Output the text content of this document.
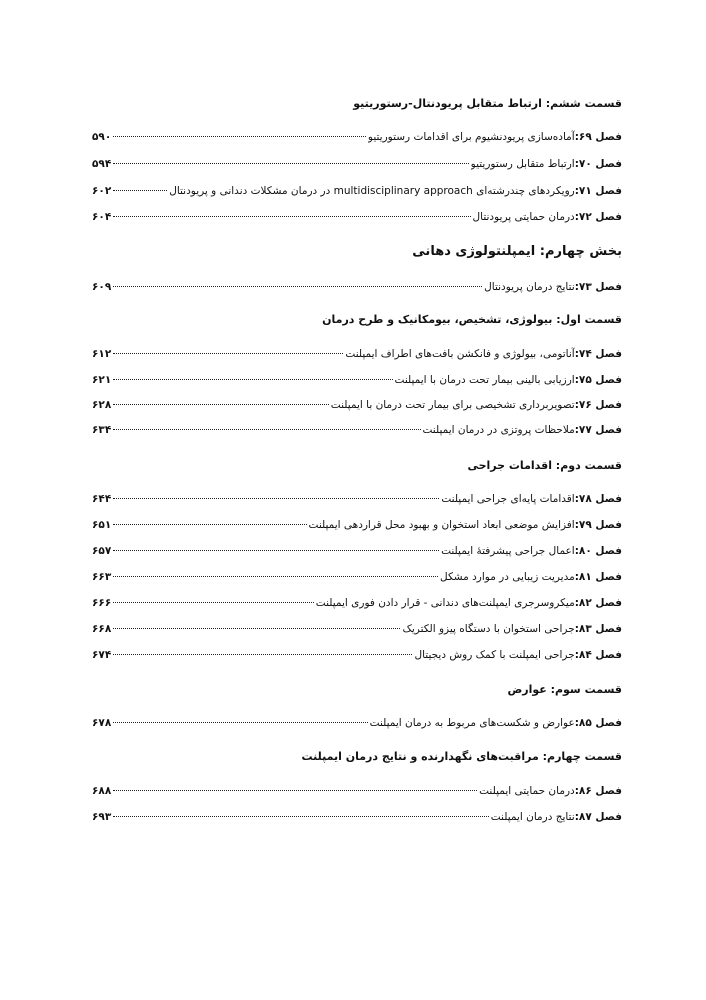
قسمت ششم: ارتباط متقابل پریودنتال-رستوریتیو
فصل ۶۹:
آماده‌سازی پریودنشیوم برای اقدامات رستوریتیو
۵۹۰
فصل ۷۰:
ارتباط متقابل رستوریتیو
۵۹۴
فصل ۷۱:
رویکردهای چندرشته‌ای multidisciplinary approach در درمان مشکلات دندانی و پریودنتال
۶۰۲
فصل ۷۲:
درمان حمایتی پریودنتال
۶۰۴
بخش چهارم: ایمپلنتولوژی دهانی
فصل ۷۳:
نتایج درمان پریودنتال
۶۰۹
قسمت اول: بیولوژی، تشخیص، بیومکانیک و طرح درمان
فصل ۷۴:
آناتومی، بیولوژی و فانکشن بافت‌های اطراف ایمپلنت
۶۱۲
فصل ۷۵:
ارزیابی بالینی بیمار تحت درمان با ایمپلنت
۶۲۱
فصل ۷۶:
تصویربرداری تشخیصی برای بیمار تحت درمان با ایمپلنت
۶۲۸
فصل ۷۷:
ملاحظات پروتزی در درمان ایمپلنت
۶۳۴
قسمت دوم: اقدامات جراحی
فصل ۷۸:
اقدامات پایه‌ای جراحی ایمپلنت
۶۴۴
فصل ۷۹:
افزایش موضعی ابعاد استخوان و بهبود محل قراردهی ایمپلنت
۶۵۱
فصل ۸۰:
اعمال جراحی پیشرفتهٔ ایمپلنت
۶۵۷
فصل ۸۱:
مدیریت زیبایی در موارد مشکل
۶۶۳
فصل ۸۲:
میکروسرجری ایمپلنت‌های دندانی - قرار دادن فوری ایمپلنت
۶۶۶
فصل ۸۳:
جراحی استخوان با دستگاه پیزو الکتریک
۶۶۸
فصل ۸۴:
جراحی ایمپلنت با کمک روش دیجیتال
۶۷۴
قسمت سوم: عوارض
فصل ۸۵:
عوارض و شکست‌های مربوط به درمان ایمپلنت
۶۷۸
قسمت چهارم: مراقبت‌های نگهدارنده و نتایج درمان ایمپلنت
فصل ۸۶:
درمان حمایتی ایمپلنت
۶۸۸
فصل ۸۷:
نتایج درمان ایمپلنت
۶۹۳
